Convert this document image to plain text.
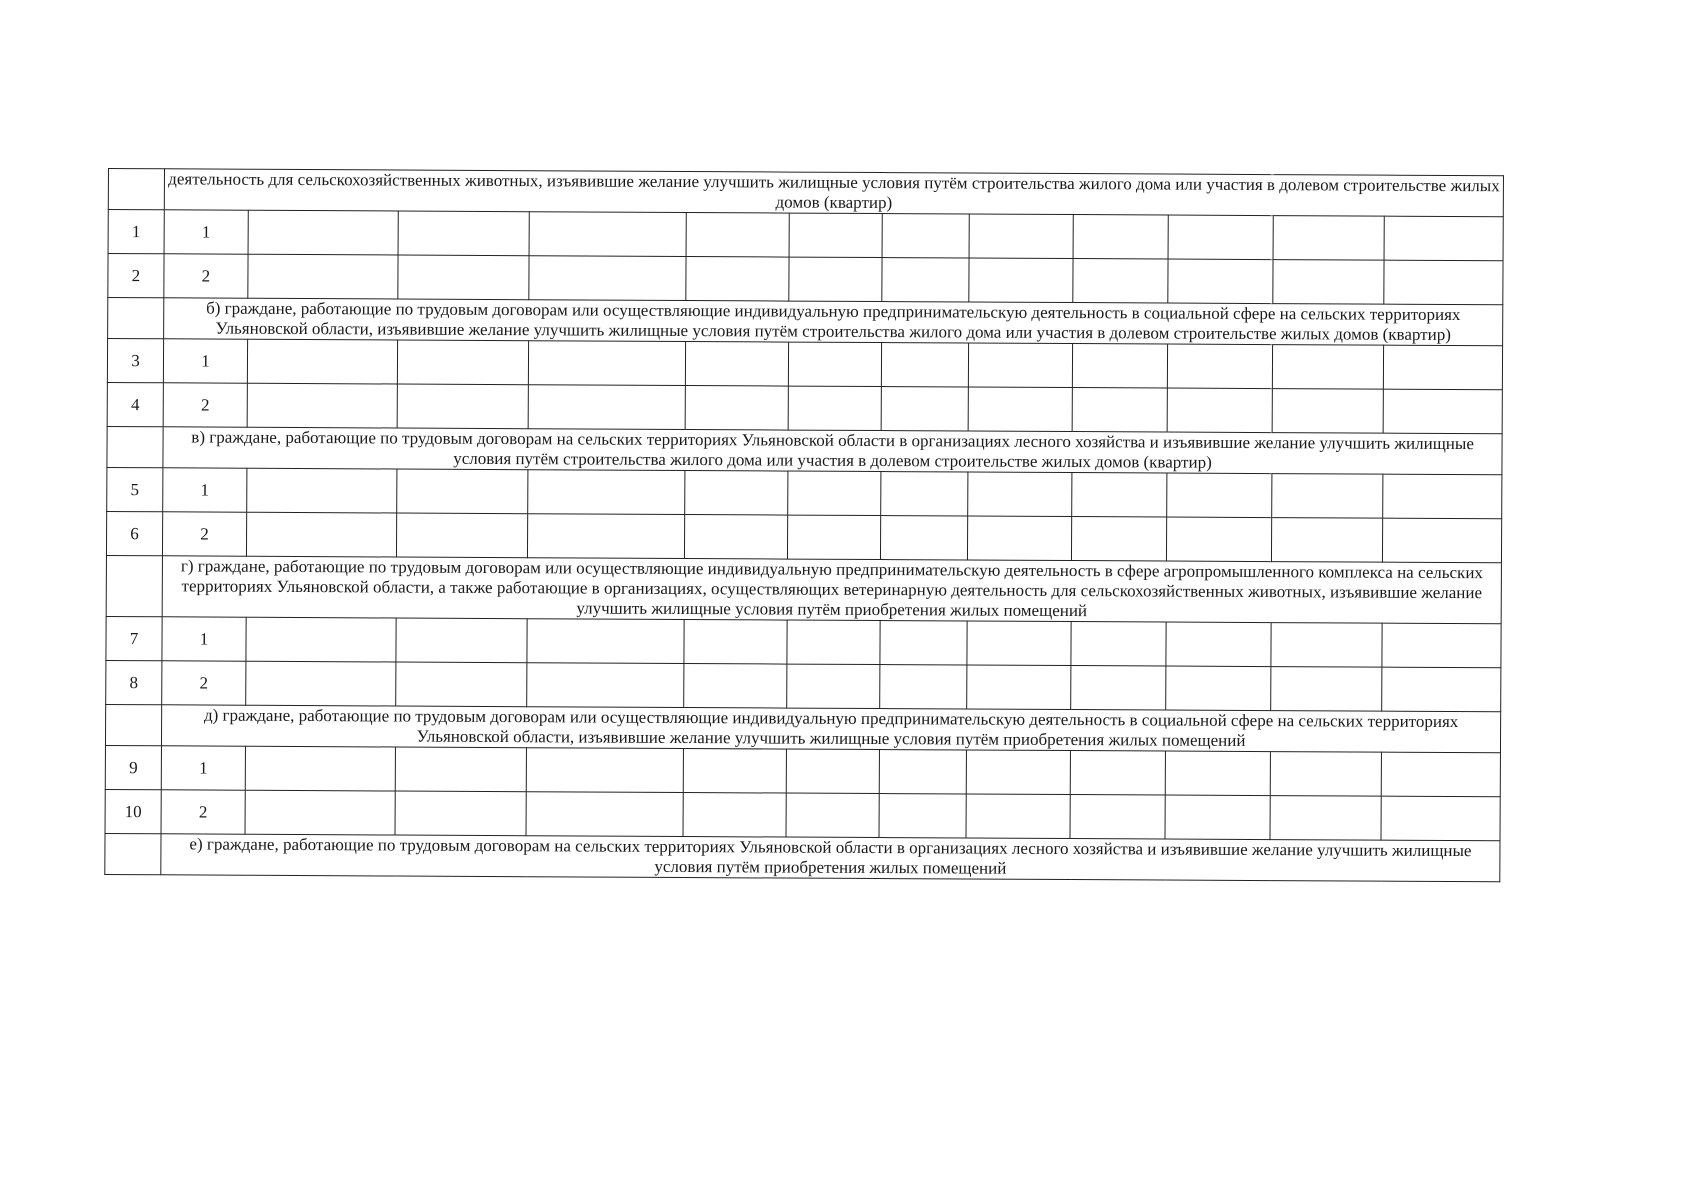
	деятельность для сельскохозяйственных животных, изъявившие желание улучшить жилищные условия путём строительства жилого дома или участия в долевом строительстве жилых домов (квартир)											
1	1											
2	2											
	б) граждане, работающие по трудовым договорам или осуществляющие индивидуальную предпринимательскую деятельность в социальной сфере на сельских территориях Ульяновской области, изъявившие желание улучшить жилищные условия путём строительства жилого дома или участия в долевом строительстве жилых домов (квартир)											
3	1											
4	2											
	в) граждане, работающие по трудовым договорам на сельских территориях Ульяновской области в организациях лесного хозяйства и изъявившие желание улучшить жилищные условия путём строительства жилого дома или участия в долевом строительстве жилых домов (квартир)											
5	1											
6	2											
	г) граждане, работающие по трудовым договорам или осуществляющие индивидуальную предпринимательскую деятельность в сфере агропромышленного комплекса на сельских территориях Ульяновской области, а также работающие в организациях, осуществляющих ветеринарную деятельность для сельскохозяйственных животных, изъявившие желание улучшить жилищные условия путём приобретения жилых помещений											
7	1											
8	2											
	д) граждане, работающие по трудовым договорам или осуществляющие индивидуальную предпринимательскую деятельность в социальной сфере на сельских территориях Ульяновской области, изъявившие желание улучшить жилищные условия путём приобретения жилых помещений											
9	1											
10	2											
	е) граждане, работающие по трудовым договорам на сельских территориях Ульяновской области в организациях лесного хозяйства и изъявившие желание улучшить жилищные условия путём приобретения жилых помещений											
